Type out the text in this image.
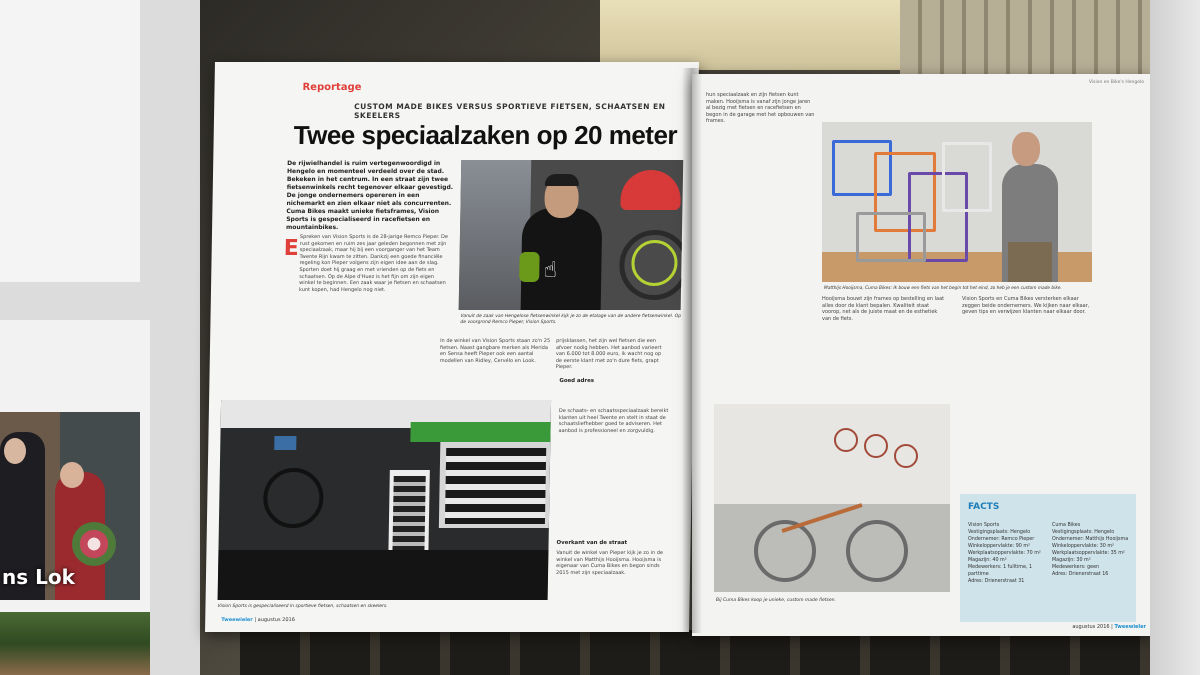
ns Lok
Reportage
CUSTOM MADE BIKES VERSUS SPORTIEVE FIETSEN, SCHAATSEN EN SKEELERS
Twee speciaalzaken op 20 meter
De rijwielhandel is ruim vertegenwoordigd in Hengelo en momenteel verdeeld over de stad. Bekeken in het centrum. In een straat zijn twee fietsenwinkels recht tegenover elkaar gevestigd. De jonge ondernemers opereren in een nichemarkt en zien elkaar niet als concurrenten. Cuma Bikes maakt unieke fietsframes, Vision Sports is gespecialiseerd in racefietsen en mountainbikes.
E Spreken van Vision Sports is de 28-jarige Remco Pieper. De rust gekomen en ruim zes jaar geleden begonnen met zijn speciaalzaak, maar hij bij een voorganger van het Team Twente Rijn kwam te zitten. Dankzij een goede financiële regeling kon Pieper volgens zijn eigen idee aan de slag. Sporten doet hij graag en met vrienden op de fiets en schaatsen. Op de Alpe d'Huez is het fijn om zijn eigen winkel te beginnen. Een zaak waar je fietsen en schaatsen kunt kopen, had Hengelo nog niet.
☝
Vanuit de zaak van Hengelose fietsenwinkel kijk je zo de etalage van de andere fietsenwinkel. Op de voorgrond Remco Pieper, Vision Sports.
In de winkel van Vision Sports staan zo'n 25 fietsen. Naast gangbare merken als Merida en Sensa heeft Pieper ook een aantal modellen van Ridley, Cervélo en Look.
prijsklassen, het zijn wel fietsen die een afvoer nodig hebben. Het aanbod varieert van 6.000 tot 8.000 euro, ik wacht nog op de eerste klant met zo'n dure fiets, grapt Pieper.
Goed adres
De schaats- en schaatsspeciaalzaak bereikt klanten uit heel Twente en stelt in staat de schaatsliefhebber goed te adviseren. Het aanbod is professioneel en zorgvuldig.
Overkant van de straat
Vanuit de winkel van Pieper kijk je zo in de winkel van Matthijs Hooijsma. Hooijsma is eigenaar van Cuma Bikes en begon sinds 2015 met zijn speciaalzaak.
Vision Sports is gespecialiseerd in sportieve fietsen, schaatsen en skeelers.
Tweewieler | augustus 2016
Vision en Bike's Hengelo
hun speciaalzaak en zijn fietsen kunt maken. Hooijsma is vanaf zijn jonge jaren al bezig met fietsen en racefietsen en begon in de garage met het opbouwen van frames.
Matthijs Hooijsma, Cuma Bikes: Ik bouw een fiets van het begin tot het eind, zo heb je een custom made bike.
Hooijsma bouwt zijn frames op bestelling en laat alles door de klant bepalen. Kwaliteit staat voorop, net als de juiste maat en de esthetiek van de fiets.
Vision Sports en Cuma Bikes versterken elkaar zeggen beide ondernemers. We kijken naar elkaar, geven tips en verwijzen klanten naar elkaar door.
Bij Cuma Bikes koop je unieke, custom made fietsen.
FACTS
Vision Sports
Vestigingsplaats: Hengelo
Ondernemer: Remco Pieper
Winkeloppervlakte: 90 m²
Werkplaatsoppervlakte: 70 m²
Magazijn: 40 m²
Medewerkers: 1 fulltime, 1 parttime
Adres: Drienerstraat 31
Cuma Bikes
Vestigingsplaats: Hengelo
Ondernemer: Matthijs Hooijsma
Winkeloppervlakte: 30 m²
Werkplaatsoppervlakte: 35 m²
Magazijn: 30 m²
Medewerkers: geen
Adres: Drienerstraat 16
augustus 2016 | Tweewieler
